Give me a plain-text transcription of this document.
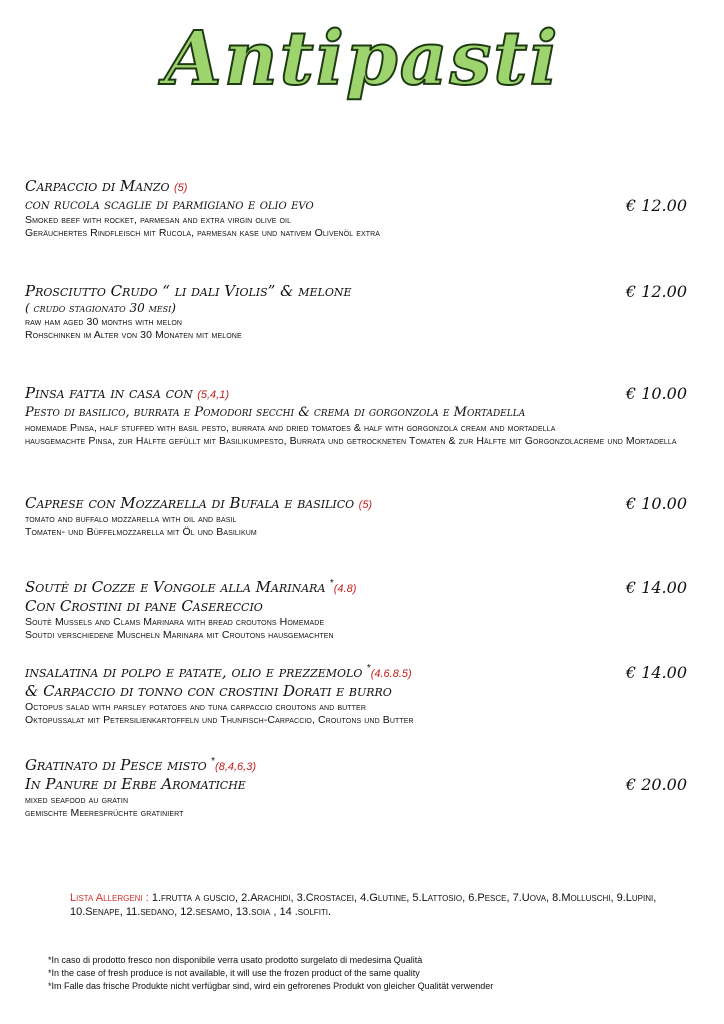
Antipasti
Carpaccio di Manzo (5)
con rucola scaglie di parmigiano e olio evo	€ 12.00
Smoked beef with rocket, parmesan and extra virgin olive oil
Geräuchertes Rindfleisch mit Rucola, parmesan kase und nativem Olivenöl extra
Prosciutto Crudo “ li dali Violis” & melone	€ 12.00
( crudo stagionato 30 mesi)
raw ham aged 30 months with melon
Rohschinken im Alter von 30 Monaten mit melone
Pinsa fatta in casa con (5,4,1)	€ 10.00
Pesto di basilico, burrata e Pomodori secchi & crema di gorgonzola e Mortadella
homemade Pinsa, half stuffed with basil pesto, burrata and dried tomatoes & half with gorgonzola cream and mortadella
hausgemachte Pinsa, zur Hälfte gefüllt mit Basilikumpesto, Burrata und getrockneten Tomaten & zur Hälfte mit Gorgonzolacreme und Mortadella
Caprese con Mozzarella di Bufala e basilico (5)	€ 10.00
tomato and buffalo mozzarella with oil and basil
Tomaten- und Büffelmozzarella mit Öl und Basilikum
Soutè di Cozze e Vongole alla Marinara *(4.8)	€ 14.00
Con Crostini di pane Casereccio
Soutè Mussels and Clams Marinara with bread croutons Homemade
Soutdi verschiedene Muscheln Marinara mit Croutons hausgemachten
insalatina di polpo e patate, olio e prezzemolo *(4.6.8.5)	€ 14.00
& Carpaccio di tonno con crostini Dorati e burro
Octopus salad with parsley potatoes and tuna carpaccio croutons and butter
Oktopussalat mit Petersilienkartoffeln und Thunfisch-Carpaccio, Croutons und Butter
Gratinato di Pesce misto *(8,4,6,3)
In Panure di Erbe Aromatiche	€ 20.00
mixed seafood au gratin
gemischte Meeresfrüchte gratiniert
Lista Allergeni : 1.frutta a guscio, 2.Arachidi, 3.Crostacei, 4.Glutine, 5.Lattosio, 6.Pesce, 7.Uova, 8.Molluschi, 9.Lupini, 10.Senape, 11.sedano, 12.sesamo, 13.soia , 14 .solfiti.
*In caso di prodotto fresco non disponibile verra usato prodotto surgelato di medesima Qualità
*In the case of fresh produce is not available, it will use the frozen product of the same quality
*Im Falle das frische Produkte nicht verfügbar sind, wird ein gefrorenes Produkt von gleicher Qualität verwender
